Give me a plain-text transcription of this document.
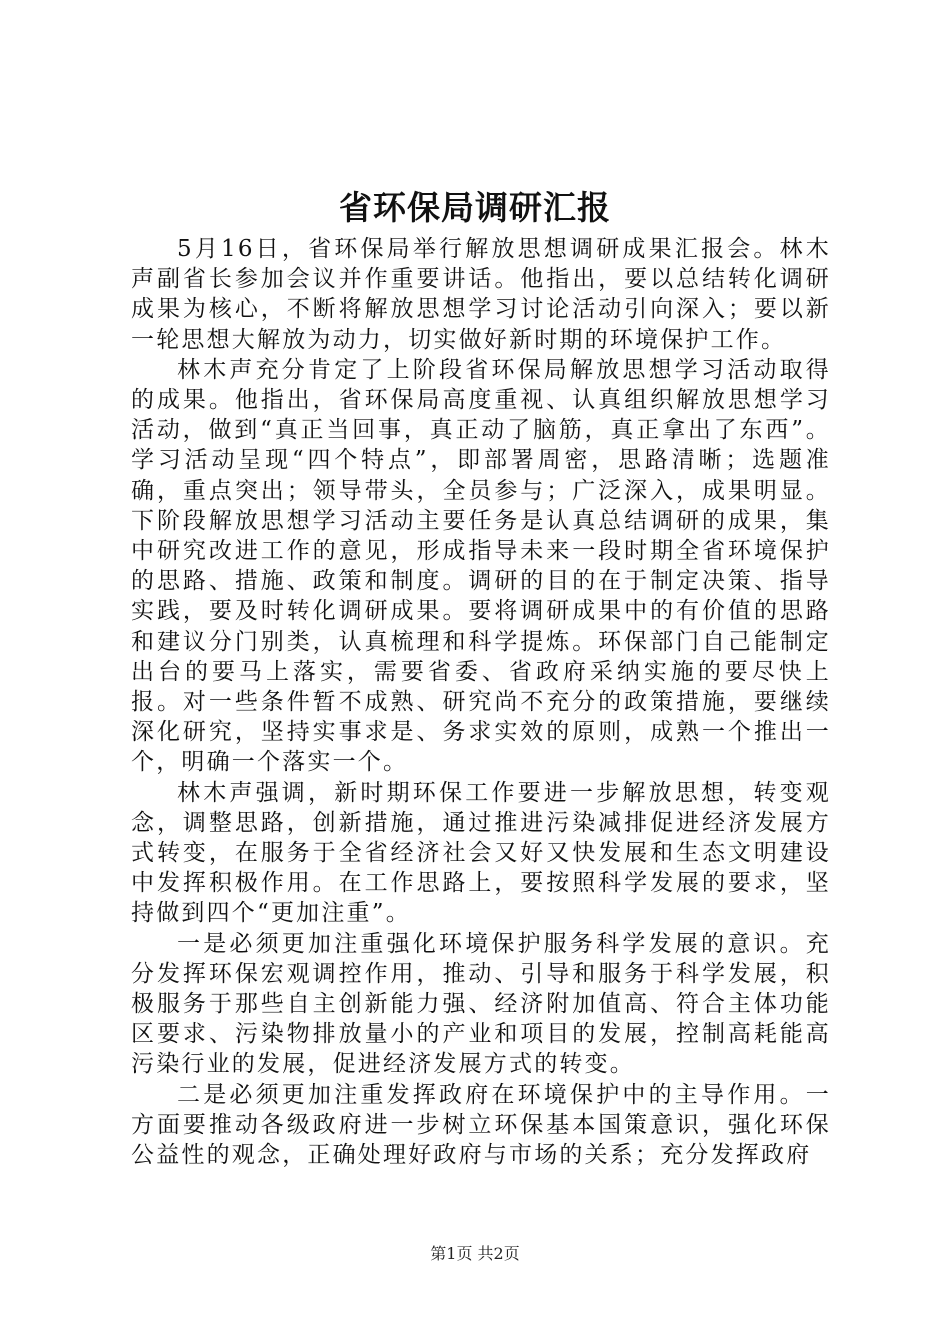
省环保局调研汇报

5月16日，省环保局举行解放思想调研成果汇报会。林木声副省长参加会议并作重要讲话。他指出，要以总结转化调研成果为核心，不断将解放思想学习讨论活动引向深入；要以新一轮思想大解放为动力，切实做好新时期的环境保护工作。

林木声充分肯定了上阶段省环保局解放思想学习活动取得的成果。他指出，省环保局高度重视、认真组织解放思想学习活动，做到“真正当回事，真正动了脑筋，真正拿出了东西”。学习活动呈现“四个特点”，即部署周密，思路清晰；选题准确，重点突出；领导带头，全员参与；广泛深入，成果明显。下阶段解放思想学习活动主要任务是认真总结调研的成果，集中研究改进工作的意见，形成指导未来一段时期全省环境保护的思路、措施、政策和制度。调研的目的在于制定决策、指导实践，要及时转化调研成果。要将调研成果中的有价值的思路和建议分门别类，认真梳理和科学提炼。环保部门自己能制定出台的要马上落实，需要省委、省政府采纳实施的要尽快上报。对一些条件暂不成熟、研究尚不充分的政策措施，要继续深化研究，坚持实事求是、务求实效的原则，成熟一个推出一个，明确一个落实一个。

林木声强调，新时期环保工作要进一步解放思想，转变观念，调整思路，创新措施，通过推进污染减排促进经济发展方式转变，在服务于全省经济社会又好又快发展和生态文明建设中发挥积极作用。在工作思路上，要按照科学发展的要求，坚持做到四个“更加注重”。

一是必须更加注重强化环境保护服务科学发展的意识。充分发挥环保宏观调控作用，推动、引导和服务于科学发展，积极服务于那些自主创新能力强、经济附加值高、符合主体功能区要求、污染物排放量小的产业和项目的发展，控制高耗能高污染行业的发展，促进经济发展方式的转变。

二是必须更加注重发挥政府在环境保护中的主导作用。一方面要推动各级政府进一步树立环保基本国策意识，强化环保公益性的观念，正确处理好政府与市场的关系；充分发挥政府

第1页 共2页
